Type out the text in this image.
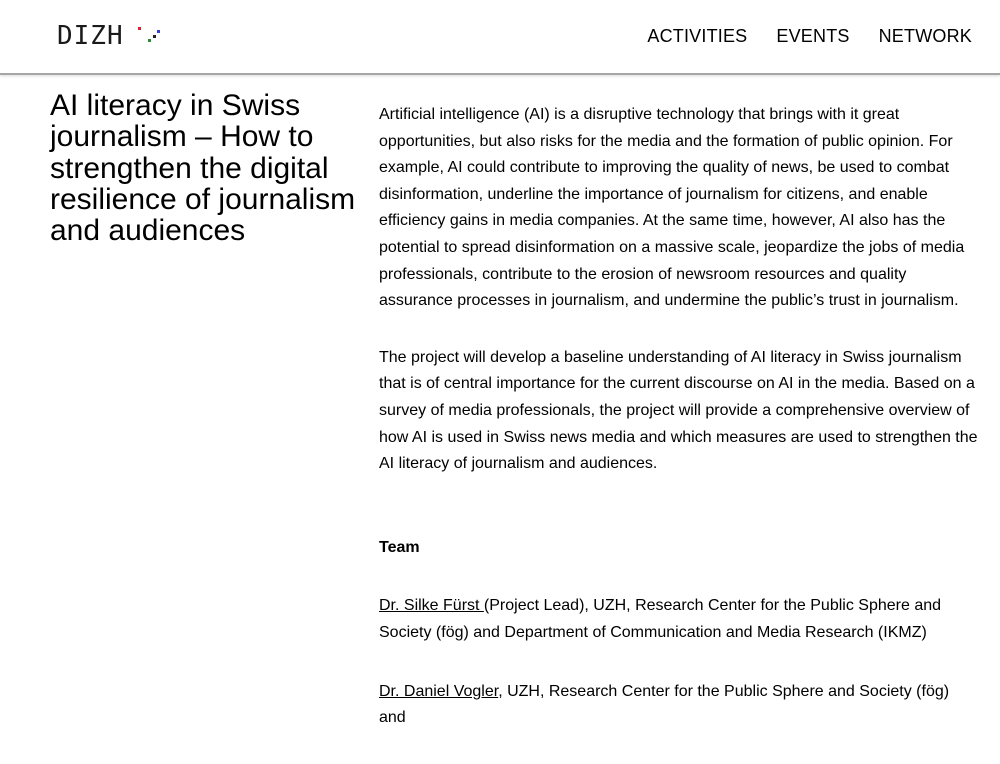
DIZH	ACTIVITIES EVENTS NETWORK
AI literacy in Swiss journalism – How to strengthen the digital resilience of journalism and audiences

Artificial intelligence (AI) is a disruptive technology that brings with it great opportunities, but also risks for the media and the formation of public opinion. For example, AI could contribute to improving the quality of news, be used to combat disinformation, underline the importance of journalism for citizens, and enable efficiency gains in media companies. At the same time, however, AI also has the potential to spread disinformation on a massive scale, jeopardize the jobs of media professionals, contribute to the erosion of newsroom resources and quality assurance processes in journalism, and undermine the public’s trust in journalism.

The project will develop a baseline understanding of AI literacy in Swiss journalism that is of central importance for the current discourse on AI in the media. Based on a survey of media professionals, the project will provide a comprehensive overview of how AI is used in Swiss news media and which measures are used to strengthen the AI literacy of journalism and audiences.

Team

Dr. Silke Fürst (Project Lead), UZH, Research Center for the Public Sphere and Society (fög) and Department of Communication and Media Research (IKMZ)

Dr. Daniel Vogler, UZH, Research Center for the Public Sphere and Society (fög) and
